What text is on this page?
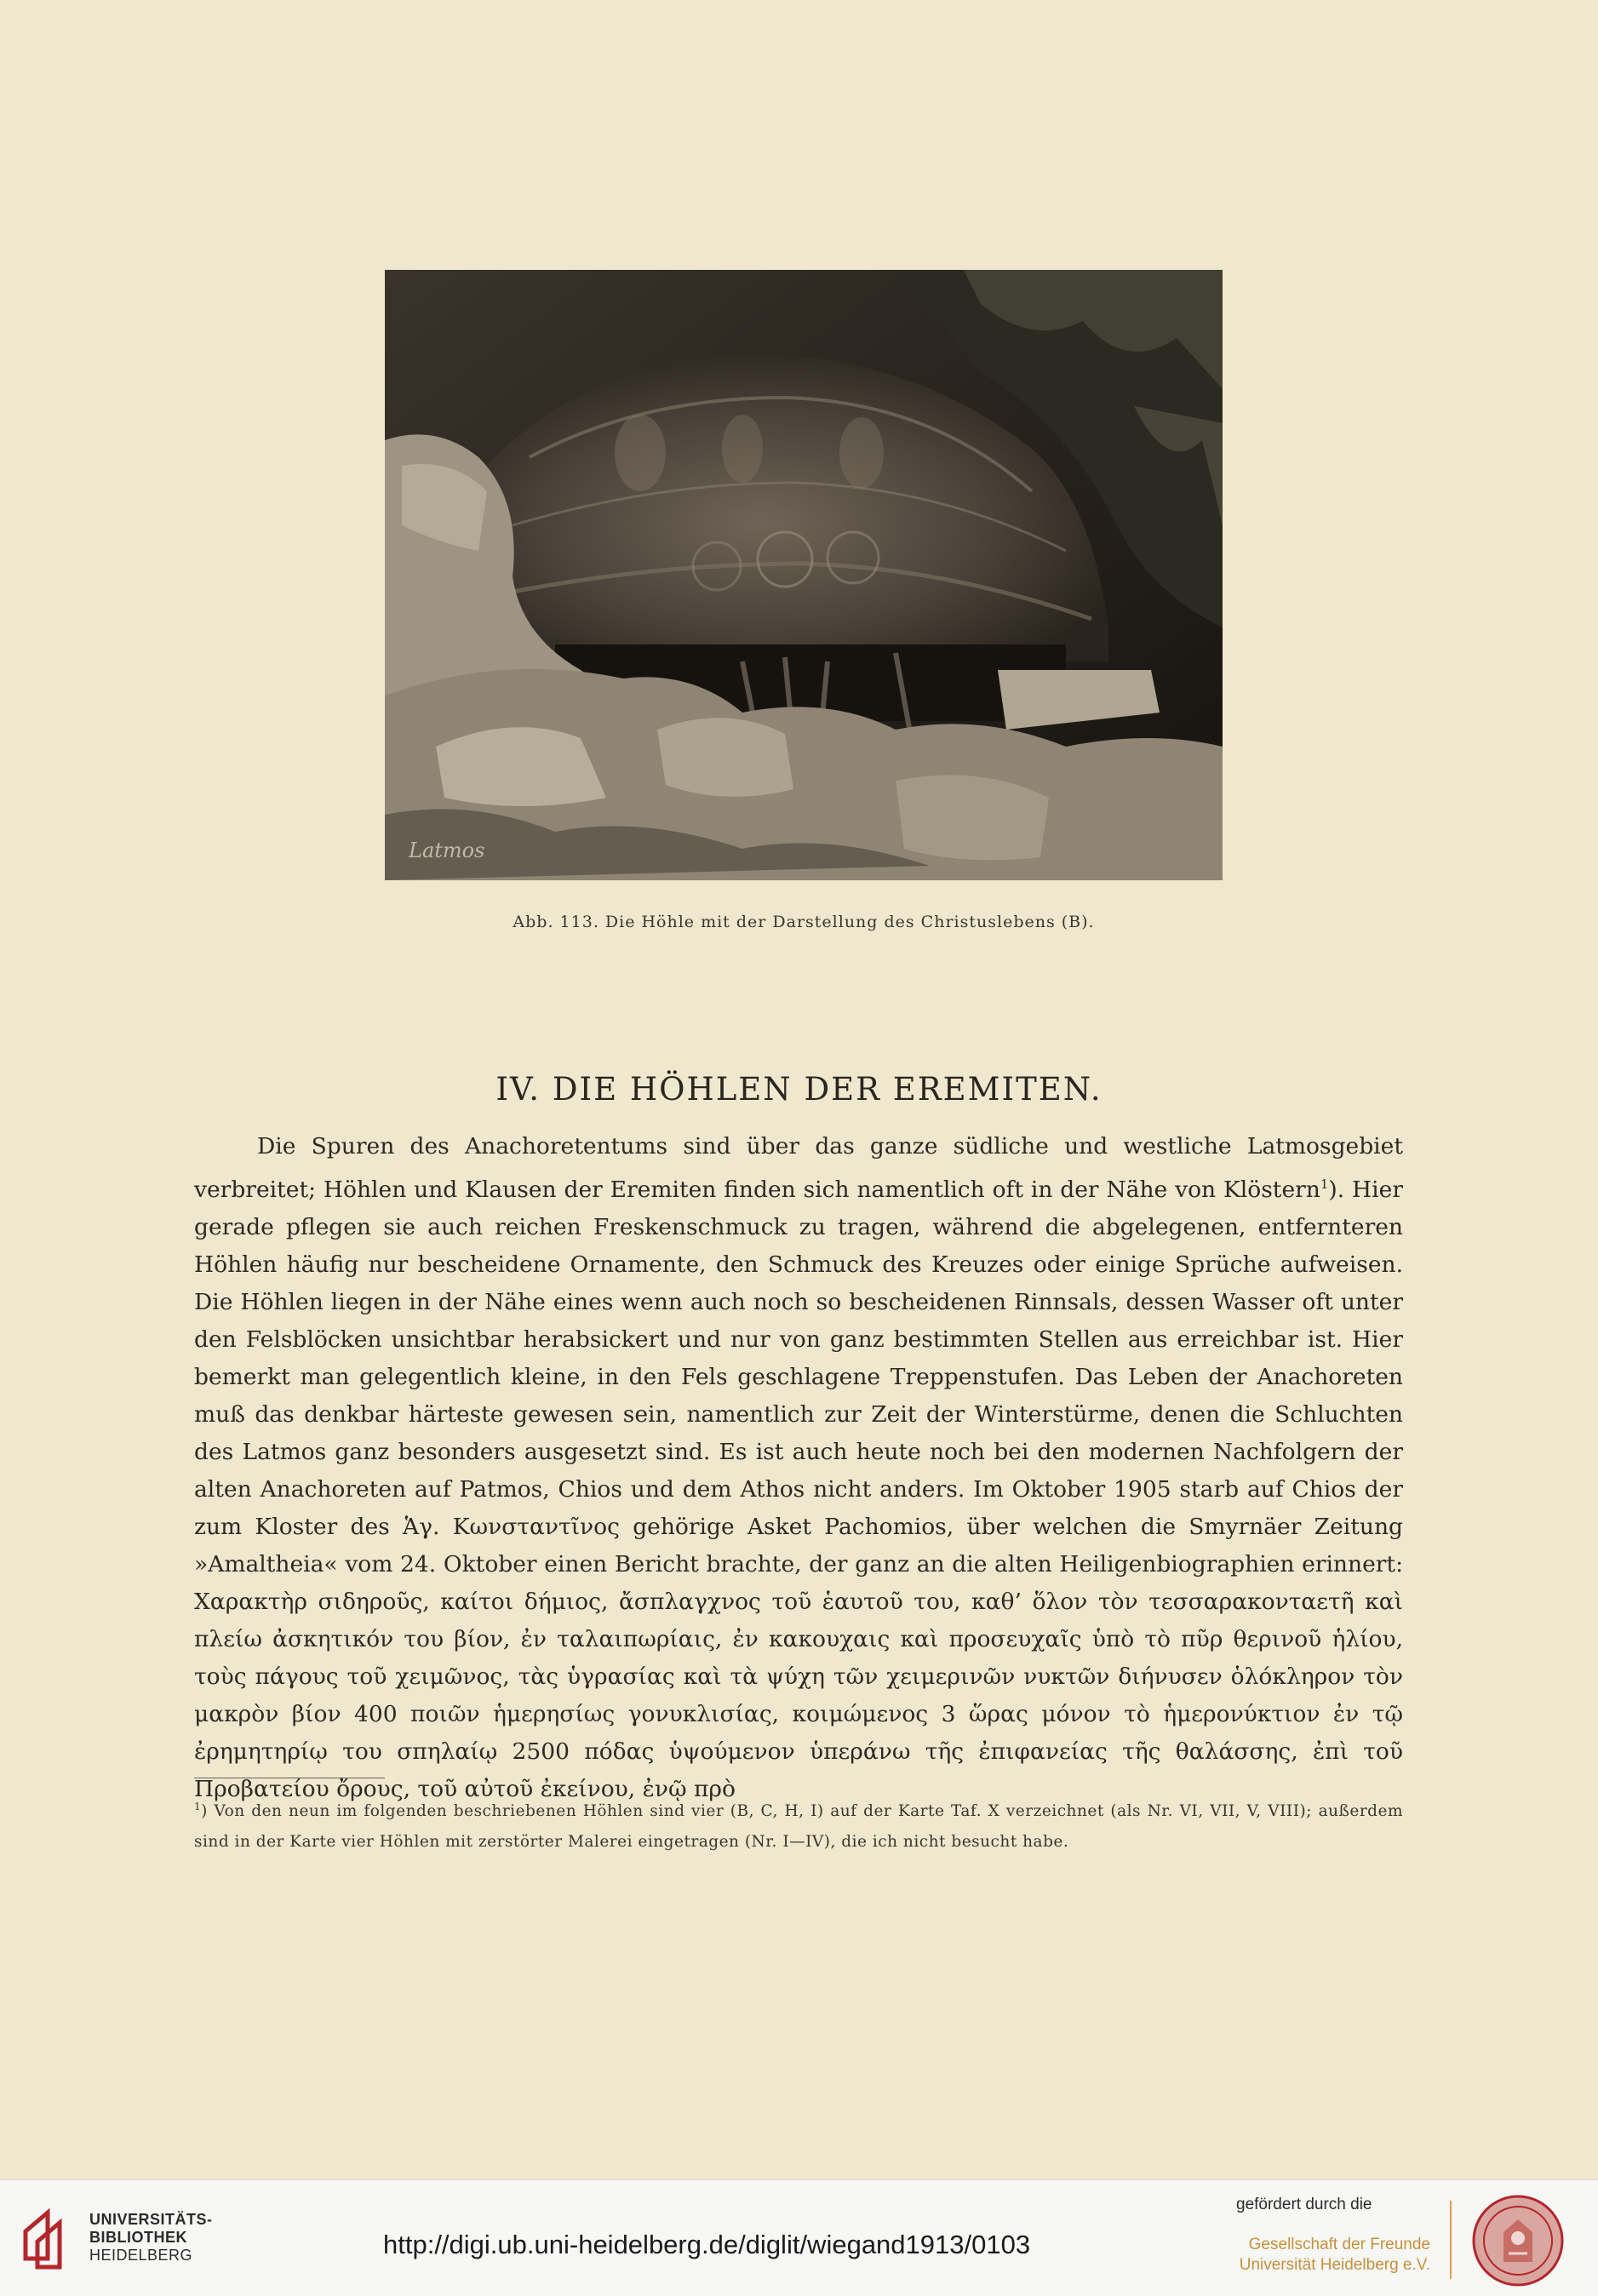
Latmos
Abb. 113. Die Höhle mit der Darstellung des Christuslebens (B).
IV. DIE HÖHLEN DER EREMITEN.

Die Spuren des Anachoretentums sind über das ganze südliche und westliche Latmosgebiet verbreitet; Höhlen und Klausen der Eremiten finden sich namentlich oft in der Nähe von Klöstern$^1$). Hier gerade pflegen sie auch reichen Freskenschmuck zu tragen, während die abgelegenen, entfernteren Höhlen häufig nur bescheidene Ornamente, den Schmuck des Kreuzes oder einige Sprüche aufweisen. Die Höhlen liegen in der Nähe eines wenn auch noch so bescheidenen Rinnsals, dessen Wasser oft unter den Felsblöcken unsichtbar herabsickert und nur von ganz bestimmten Stellen aus erreichbar ist. Hier bemerkt man gelegentlich kleine, in den Fels geschlagene Treppenstufen. Das Leben der Anachoreten muß das denkbar härteste gewesen sein, namentlich zur Zeit der Winterstürme, denen die Schluchten des Latmos ganz besonders ausgesetzt sind. Es ist auch heute noch bei den modernen Nachfolgern der alten Anachoreten auf Patmos, Chios und dem Athos nicht anders. Im Oktober 1905 starb auf Chios der zum Kloster des Ἁγ. Κωνσταντῖνος gehörige Asket Pachomios, über welchen die Smyrnäer Zeitung »Amaltheia« vom 24. Oktober einen Bericht brachte, der ganz an die alten Heiligenbiographien erinnert: Χαρακτὴρ σιδηροῦς, καίτοι δήμιος, ἄσπλαγχνος τοῦ ἑαυτοῦ του, καθ’ ὅλον τὸν τεσσαρακονταετῆ καὶ πλείω ἀσκητικόν του βίον, ἐν ταλαιπωρίαις, ἐν κακουχαις καὶ προσευχαῖς ὑπὸ τὸ πῦρ θερινοῦ ἡλίου, τοὺς πάγους τοῦ χειμῶνος, τὰς ὑγρασίας καὶ τὰ ψύχη τῶν χειμερινῶν νυκτῶν διήνυσεν ὁλόκληρον τὸν μακρὸν βίον 400 ποιῶν ἡμερησίως γονυκλισίας, κοιμώμενος 3 ὥρας μόνον τὸ ἡμερονύκτιον ἐν τῷ ἐρημητηρίῳ του σπηλαίῳ 2500 πόδας ὑψούμενον ὑπεράνω τῆς ἐπιφανείας τῆς θαλάσσης, ἐπὶ τοῦ Προβατείου ὄρους, τοῦ αὐτοῦ ἐκείνου, ἐνῷ πρὸ

$^1$) Von den neun im folgenden beschriebenen Höhlen sind vier (B, C, H, I) auf der Karte Taf. X verzeichnet (als Nr. VI, VII, V, VIII); außerdem sind in der Karte vier Höhlen mit zerstörter Malerei eingetragen (Nr. I—IV), die ich nicht besucht habe.
UNIVERSITÄTS-
BIBLIOTHEK
HEIDELBERG	http://digi.ub.uni-heidelberg.de/diglit/wiegand1913/0103
gefördert durch die
Gesellschaft der Freunde
Universität Heidelberg e.V.
